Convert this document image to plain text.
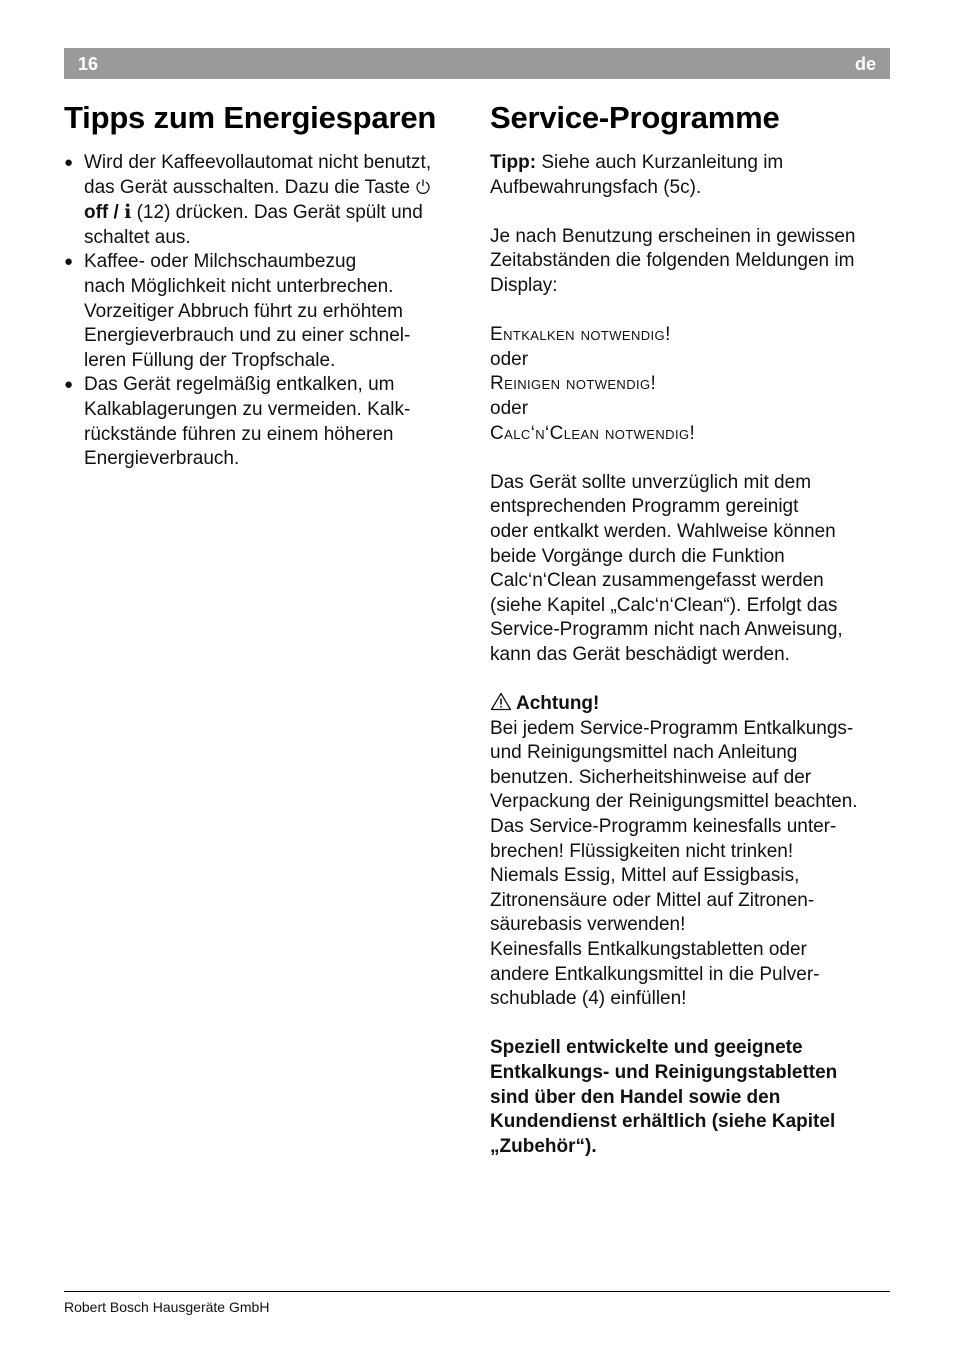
16	de
Tipps zum Energiesparen Service-Programme
● Wird der Kaffeevollautomat nicht benutzt,
das Gerät ausschalten. Dazu die Taste
off / i (12) drücken. Das Gerät spült und
schaltet aus.
● Kaffee- oder Milchschaumbezug
nach Möglichkeit nicht unterbrechen.
Vorzeitiger Abbruch führt zu erhöhtem
Energieverbrauch und zu einer schnel-
leren Füllung der Tropfschale.
● Das Gerät regelmäßig entkalken, um
Kalkablagerungen zu vermeiden. Kalk-
rückstände führen zu einem höheren
Energieverbrauch.
Tipp: Siehe auch Kurzanleitung im
Aufbewahrungsfach (5c).
Je nach Benutzung erscheinen in gewissen
Zeitabständen die folgenden Meldungen im
Display:
Entkalken notwendig!
oder
Reinigen notwendig!
oder
Calc‘n‘Clean notwendig!
Das Gerät sollte unverzüglich mit dem
entsprechenden Programm gereinigt
oder entkalkt werden. Wahlweise können
beide Vorgänge durch die Funktion
Calc‘n‘Clean zusammengefasst werden
(siehe Kapitel „Calc‘n‘Clean“). Erfolgt das
Service-Programm nicht nach Anweisung,
kann das Gerät beschädigt werden.
Achtung!
Bei jedem Service-Programm Entkalkungs-
und Reinigungsmittel nach Anleitung
benutzen. Sicherheitshinweise auf der
Verpackung der Reinigungsmittel beachten.
Das Service-Programm keinesfalls unter-
brechen! Flüssigkeiten nicht trinken!
Niemals Essig, Mittel auf Essigbasis,
Zitronensäure oder Mittel auf Zitronen-
säurebasis verwenden!
Keinesfalls Entkalkungstabletten oder
andere Entkalkungsmittel in die Pulver-
schublade (4) einfüllen!
Speziell entwickelte und geeignete
Entkalkungs- und Reinigungstabletten
sind über den Handel sowie den
Kundendienst erhältlich (siehe Kapitel
„Zubehör“).
Robert Bosch Hausgeräte GmbH
